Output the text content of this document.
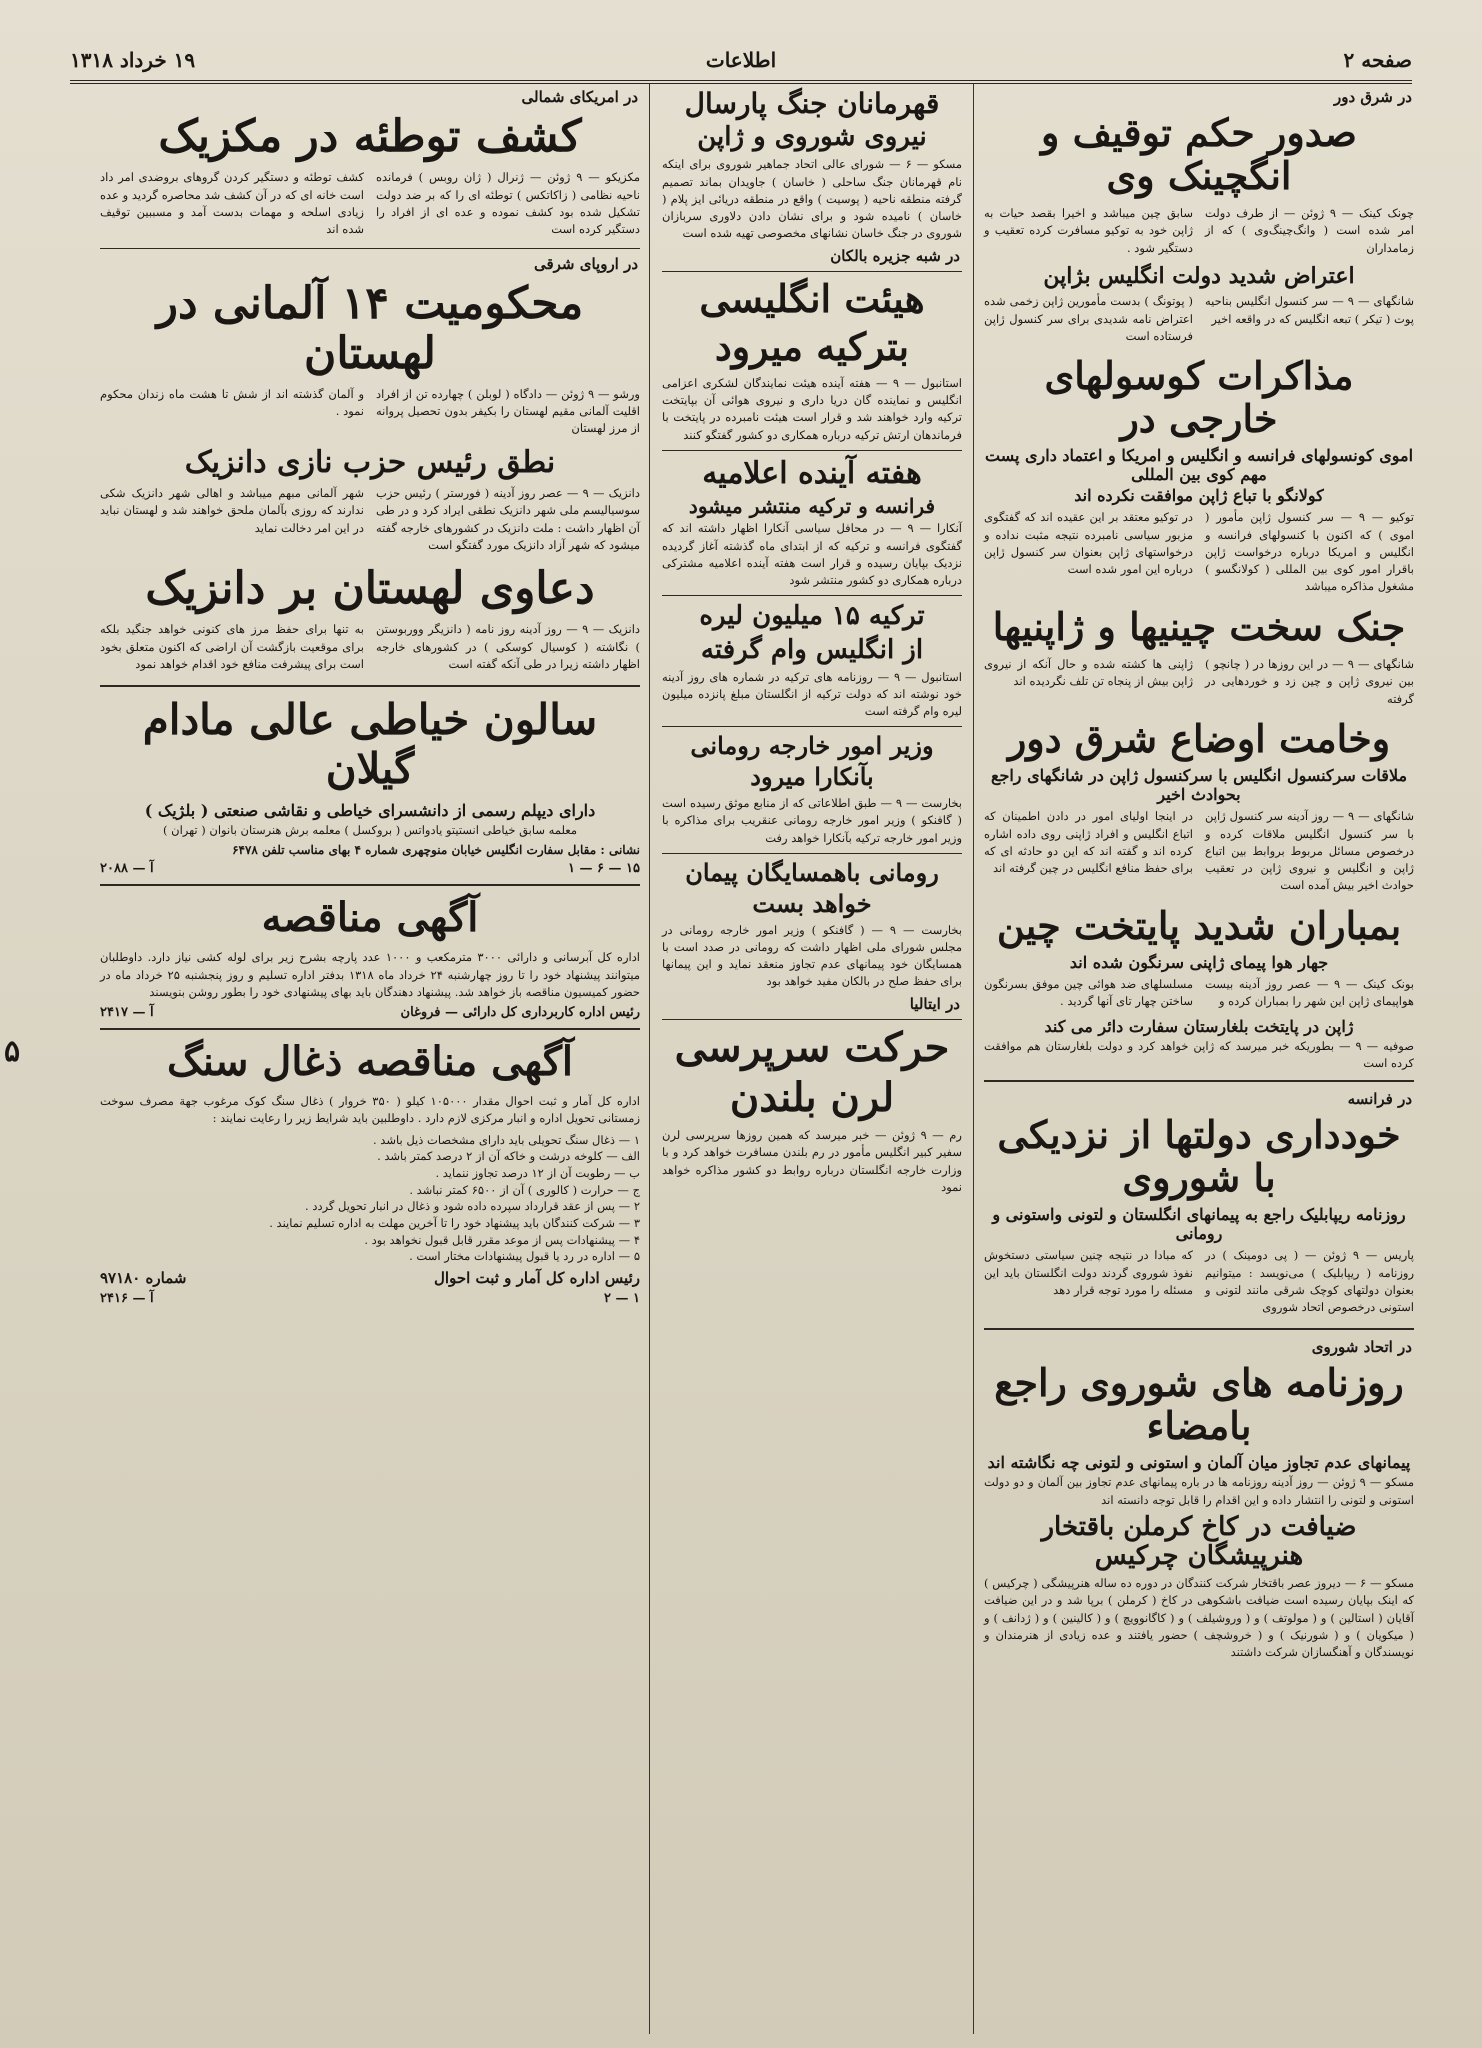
صفحه ۲
اطلاعات
۱۹ خرداد ۱۳۱۸
در شرق دور
صدور حکم توقیف و انگچینک وی

چونک کینک — ۹ ژوئن — از طرف دولت امر شده است ( وانگ‌چینگ‌وی ) که از زمامداران

سابق چین میباشد و اخیرا بقصد حیات به ژاپن خود به توکیو مسافرت کرده تعقیب و دستگیر شود .

اعتراض شدید دولت انگلیس بژاپن

شانگهای — ۹ — سر کنسول انگلیس بناحیه پوت ( تیکر ) تبعه انگلیس که در واقعه اخیر

( پوتونگ ) بدست مأمورین ژاپن زخمی شده اعتراض نامه شدیدی برای سر کنسول ژاپن فرستاده است

مذاکرات کوسولهای خارجی در
اموی کونسولهای فرانسه و انگلیس و امریکا و اعتماد داری پست مهم کوی بین المللی
کولانگو با تباع ژاپن موافقت نکرده اند

توکیو — ۹ — سر کنسول ژاپن مأمور ( اموی ) که اکنون با کنسولهای فرانسه و انگلیس و امریکا درباره درخواست ژاپن باقرار امور کوی بین المللی ( کولانگسو ) مشغول مذاکره میباشد

در توکیو معتقد بر این عقیده اند که گفتگوی مزبور سیاسی نامبرده نتیجه مثبت نداده و درخواستهای ژاپن بعنوان سر کنسول ژاپن درباره این امور شده است

جنک سخت چینیها و ژاپنیها

شانگهای — ۹ — در این روزها در ( چانچو ) بین نیروی ژاپن و چین زد و خوردهایی در گرفته

ژاپنی ها کشته شده و حال آنکه از نیروی ژاپن بیش از پنجاه تن تلف نگردیده اند

وخامت اوضاع شرق دور
ملاقات سرکنسول انگلیس با سرکنسول ژاپن در شانگهای راجع بحوادث اخیر

شانگهای — ۹ — روز آدینه سر کنسول ژاپن با سر کنسول انگلیس ملاقات کرده و درخصوص مسائل مربوط بروابط بین اتباع ژاپن و انگلیس و نیروی ژاپن در تعقیب حوادث اخیر بیش آمده است

در اینجا اولیای امور در دادن اطمینان که اتباع انگلیس و افراد ژاپنی روی داده اشاره کرده اند و گفته اند که این دو حادثه ای که برای حفظ منافع انگلیس در چین گرفته اند

بمباران شدید پایتخت چین
جهار هوا پیمای ژاپنی سرنگون شده اند

بونک کینک — ۹ — عصر روز آدینه بیست هواپیمای ژاپن این شهر را بمباران کرده و

مسلسلهای ضد هوائی چین موفق بسرنگون ساختن چهار تای آنها گردید .

ژاپن در پایتخت بلغارستان سفارت دائر می کند

صوفیه — ۹ — بطوریکه خبر میرسد که ژاپن خواهد کرد و دولت بلغارستان هم موافقت کرده است

در فرانسه
خودداری دولتها از نزدیکی با شوروی
روزنامه ریپابلیک راجع به پیمانهای انگلستان و لتونی واستونی و رومانی

پاریس — ۹ ژوئن — ( پی دومینک ) در روزنامه ( ریپابلیک ) می‌نویسد : میتوانیم بعنوان دولتهای کوچک شرقی مانند لتونی و استونی درخصوص اتحاد شوروی

که مبادا در نتیجه چنین سیاستی دستخوش نفوذ شوروی گردند دولت انگلستان باید این مسئله را مورد توجه قرار دهد

در اتحاد شوروی
روزنامه های شوروی راجع بامضاء
پیمانهای عدم تجاوز میان آلمان و استونی و لتونی چه نگاشته اند

مسکو — ۹ ژوئن — روز آدینه روزنامه ها در باره پیمانهای عدم تجاوز بین آلمان و دو دولت استونی و لتونی را انتشار داده و این اقدام را قابل توجه دانسته اند

ضیافت در کاخ کرملن باقتخار هنرپیشگان چرکیس

مسکو — ۶ — دیروز عصر باقتخار شرکت کنندگان در دوره ده ساله هنرپیشگی ( چرکیس ) که اینک بپایان رسیده است ضیافت باشکوهی در کاخ ( کرملن ) برپا شد و در این ضیافت آقایان ( استالین ) و ( مولوتف ) و ( وروشیلف ) و ( کاگانوویچ ) و ( کالینین ) و ( ژدانف ) و ( میکویان ) و ( شورنیک ) و ( خروشچف ) حضور یافتند و عده زیادی از هنرمندان و نویسندگان و آهنگسازان شرکت داشتند

قهرمانان جنگ پارسال
نیروی شوروی و ژاپن

مسکو — ۶ — شورای عالی اتحاد جماهیر شوروی برای اینکه نام قهرمانان جنگ ساحلی ( خاسان ) جاویدان بماند تصمیم گرفته منطقه ناحیه ( پوسیت ) واقع در منطقه دریائی ایز پلام ( خاسان ) نامیده شود و برای نشان دادن دلاوری سربازان شوروی در جنگ خاسان نشانهای مخصوصی تهیه شده است

در شبه جزیره بالکان
هیئت انگلیسی
بترکیه میرود

استانبول — ۹ — هفته آینده هیئت نمایندگان لشکری اعزامی انگلیس و نماینده گان دریا داری و نیروی هوائی آن بپایتخت ترکیه وارد خواهند شد و قرار است هیئت نامبرده در پایتخت با فرماندهان ارتش ترکیه درباره همکاری دو کشور گفتگو کنند

هفته آینده اعلامیه
فرانسه و ترکیه منتشر میشود

آنکارا — ۹ — در محافل سیاسی آنکارا اظهار داشته اند که گفتگوی فرانسه و ترکیه که از ابتدای ماه گذشته آغاز گردیده نزدیک بپایان رسیده و قرار است هفته آینده اعلامیه مشترکی درباره همکاری دو کشور منتشر شود

ترکیه ۱۵ میلیون لیره
از انگلیس وام گرفته

استانبول — ۹ — روزنامه های ترکیه در شماره های روز آدینه خود نوشته اند که دولت ترکیه از انگلستان مبلغ پانزده میلیون لیره وام گرفته است

وزیر امور خارجه رومانی
بآنکارا میرود

بخارست — ۹ — طبق اطلاعاتی که از منابع موثق رسیده است ( گافنکو ) وزیر امور خارجه رومانی عنقریب برای مذاکره با وزیر امور خارجه ترکیه بآنکارا خواهد رفت

رومانی باهمسایگان پیمان
خواهد بست

بخارست — ۹ — ( گافنکو ) وزیر امور خارجه رومانی در مجلس شورای ملی اظهار داشت که رومانی در صدد است با همسایگان خود پیمانهای عدم تجاوز منعقد نماید و این پیمانها برای حفظ صلح در بالکان مفید خواهد بود

در ایتالیا
حرکت سرپرسی
لرن بلندن

رم — ۹ ژوئن — خبر میرسد که همین روزها سرپرسی لرن سفیر کبیر انگلیس مأمور در رم بلندن مسافرت خواهد کرد و با وزارت خارجه انگلستان درباره روابط دو کشور مذاکره خواهد نمود

در امریکای شمالی
کشف توطئه در مکزیک

مکزیکو — ۹ ژوئن — ژنرال ( ژان روبس ) فرمانده ناحیه نظامی ( زاکاتکس ) توطئه ای را که بر ضد دولت تشکیل شده بود کشف نموده و عده ای از افراد را دستگیر کرده است

کشف توطئه و دستگیر کردن گروهای بروضدی امر داد است خانه ای که در آن کشف شد محاصره گردید و عده زیادی اسلحه و مهمات بدست آمد و مسببین توقیف شده اند

در اروپای شرقی
محکومیت ۱۴ آلمانی در لهستان

ورشو — ۹ ژوئن — دادگاه ( لوبلن ) چهارده تن از افراد اقلیت آلمانی مقیم لهستان را بکیفر بدون تحصیل پروانه از مرز لهستان

و آلمان گذشته اند از شش تا هشت ماه زندان محکوم نمود .

نطق رئیس حزب نازی دانزیک

دانزیک — ۹ — عصر روز آدینه ( فورستر ) رئیس حزب سوسیالیسم ملی شهر دانزیک نطقی ایراد کرد و در طی آن اظهار داشت : ملت دانزیک در کشورهای خارجه گفته میشود که شهر آزاد دانزیک مورد گفتگو است

شهر آلمانی مبهم میباشد و اهالی شهر دانزیک شکی ندارند که روزی بآلمان ملحق خواهند شد و لهستان نباید در این امر دخالت نماید

دعاوی لهستان بر دانزیک

دانزیک — ۹ — روز آدینه روز نامه ( دانزیگر ووربوستن ) نگاشته ( کوسیال کوسکی ) در کشورهای خارجه اظهار داشته زیرا در طی آنکه گفته است

به تنها برای حفظ مرز های کنونی خواهد جنگید بلکه برای موقعیت بازگشت آن اراضی که اکنون متعلق بخود است برای پیشرفت منافع خود اقدام خواهد نمود

سالون خیاطی عالی مادام گیلان
دارای دیپلم رسمی از دانشسرای خیاطی و نقاشی صنعتی ( بلژیک )
معلمه سابق خیاطی انستیتو یادواتس ( بروکسل ) معلمه برش هنرستان بانوان ( تهران )
نشانی : مقابل سفارت انگلیس خیابان منوچهری شماره ۴ بهای مناسب تلفن ۶۴۷۸
۱۵ — ۶ — ۱
آ — ۲۰۸۸
آگهی مناقصه

اداره کل آبرسانی و دارائی ۳۰۰۰ مترمکعب و ۱۰۰۰ عدد پارچه بشرح زیر برای لوله کشی نیاز دارد. داوطلبان میتوانند پیشنهاد خود را تا روز چهارشنبه ۲۴ خرداد ماه ۱۳۱۸ بدفتر اداره تسلیم و روز پنجشنبه ۲۵ خرداد ماه در حضور کمیسیون مناقصه باز خواهد شد. پیشنهاد دهندگان باید بهای پیشنهادی خود را بطور روشن بنویسند

رئیس اداره کاربرداری کل دارائی — فروغان
آ — ۲۴۱۷
آگهی مناقصه ذغال سنگ

اداره کل آمار و ثبت احوال مقدار ۱۰۵۰۰۰ کیلو ( ۳۵۰ خروار ) ذغال سنگ کوک مرغوب جهة مصرف سوخت زمستانی تحویل اداره و انبار مرکزی لازم دارد . داوطلبین باید شرایط زیر را رعایت نمایند :

۱ — ذغال سنگ تحویلی باید دارای مشخصات ذیل باشد .
الف — کلوخه درشت و خاکه آن از ۲ درصد کمتر باشد .
ب — رطوبت آن از ۱۲ درصد تجاوز ننماید .
ج — حرارت ( کالوری ) آن از ۶۵۰۰ کمتر نباشد .
۲ — پس از عقد قرارداد سپرده داده شود و ذغال در انبار تحویل گردد .
۳ — شرکت کنندگان باید پیشنهاد خود را تا آخرین مهلت به اداره تسلیم نمایند .
۴ — پیشنهادات پس از موعد مقرر قابل قبول نخواهد بود .
۵ — اداره در رد یا قبول پیشنهادات مختار است .
رئیس اداره کل آمار و ثبت احوال
شماره ۹۷۱۸۰
۱ — ۲
آ — ۲۴۱۶
۵
